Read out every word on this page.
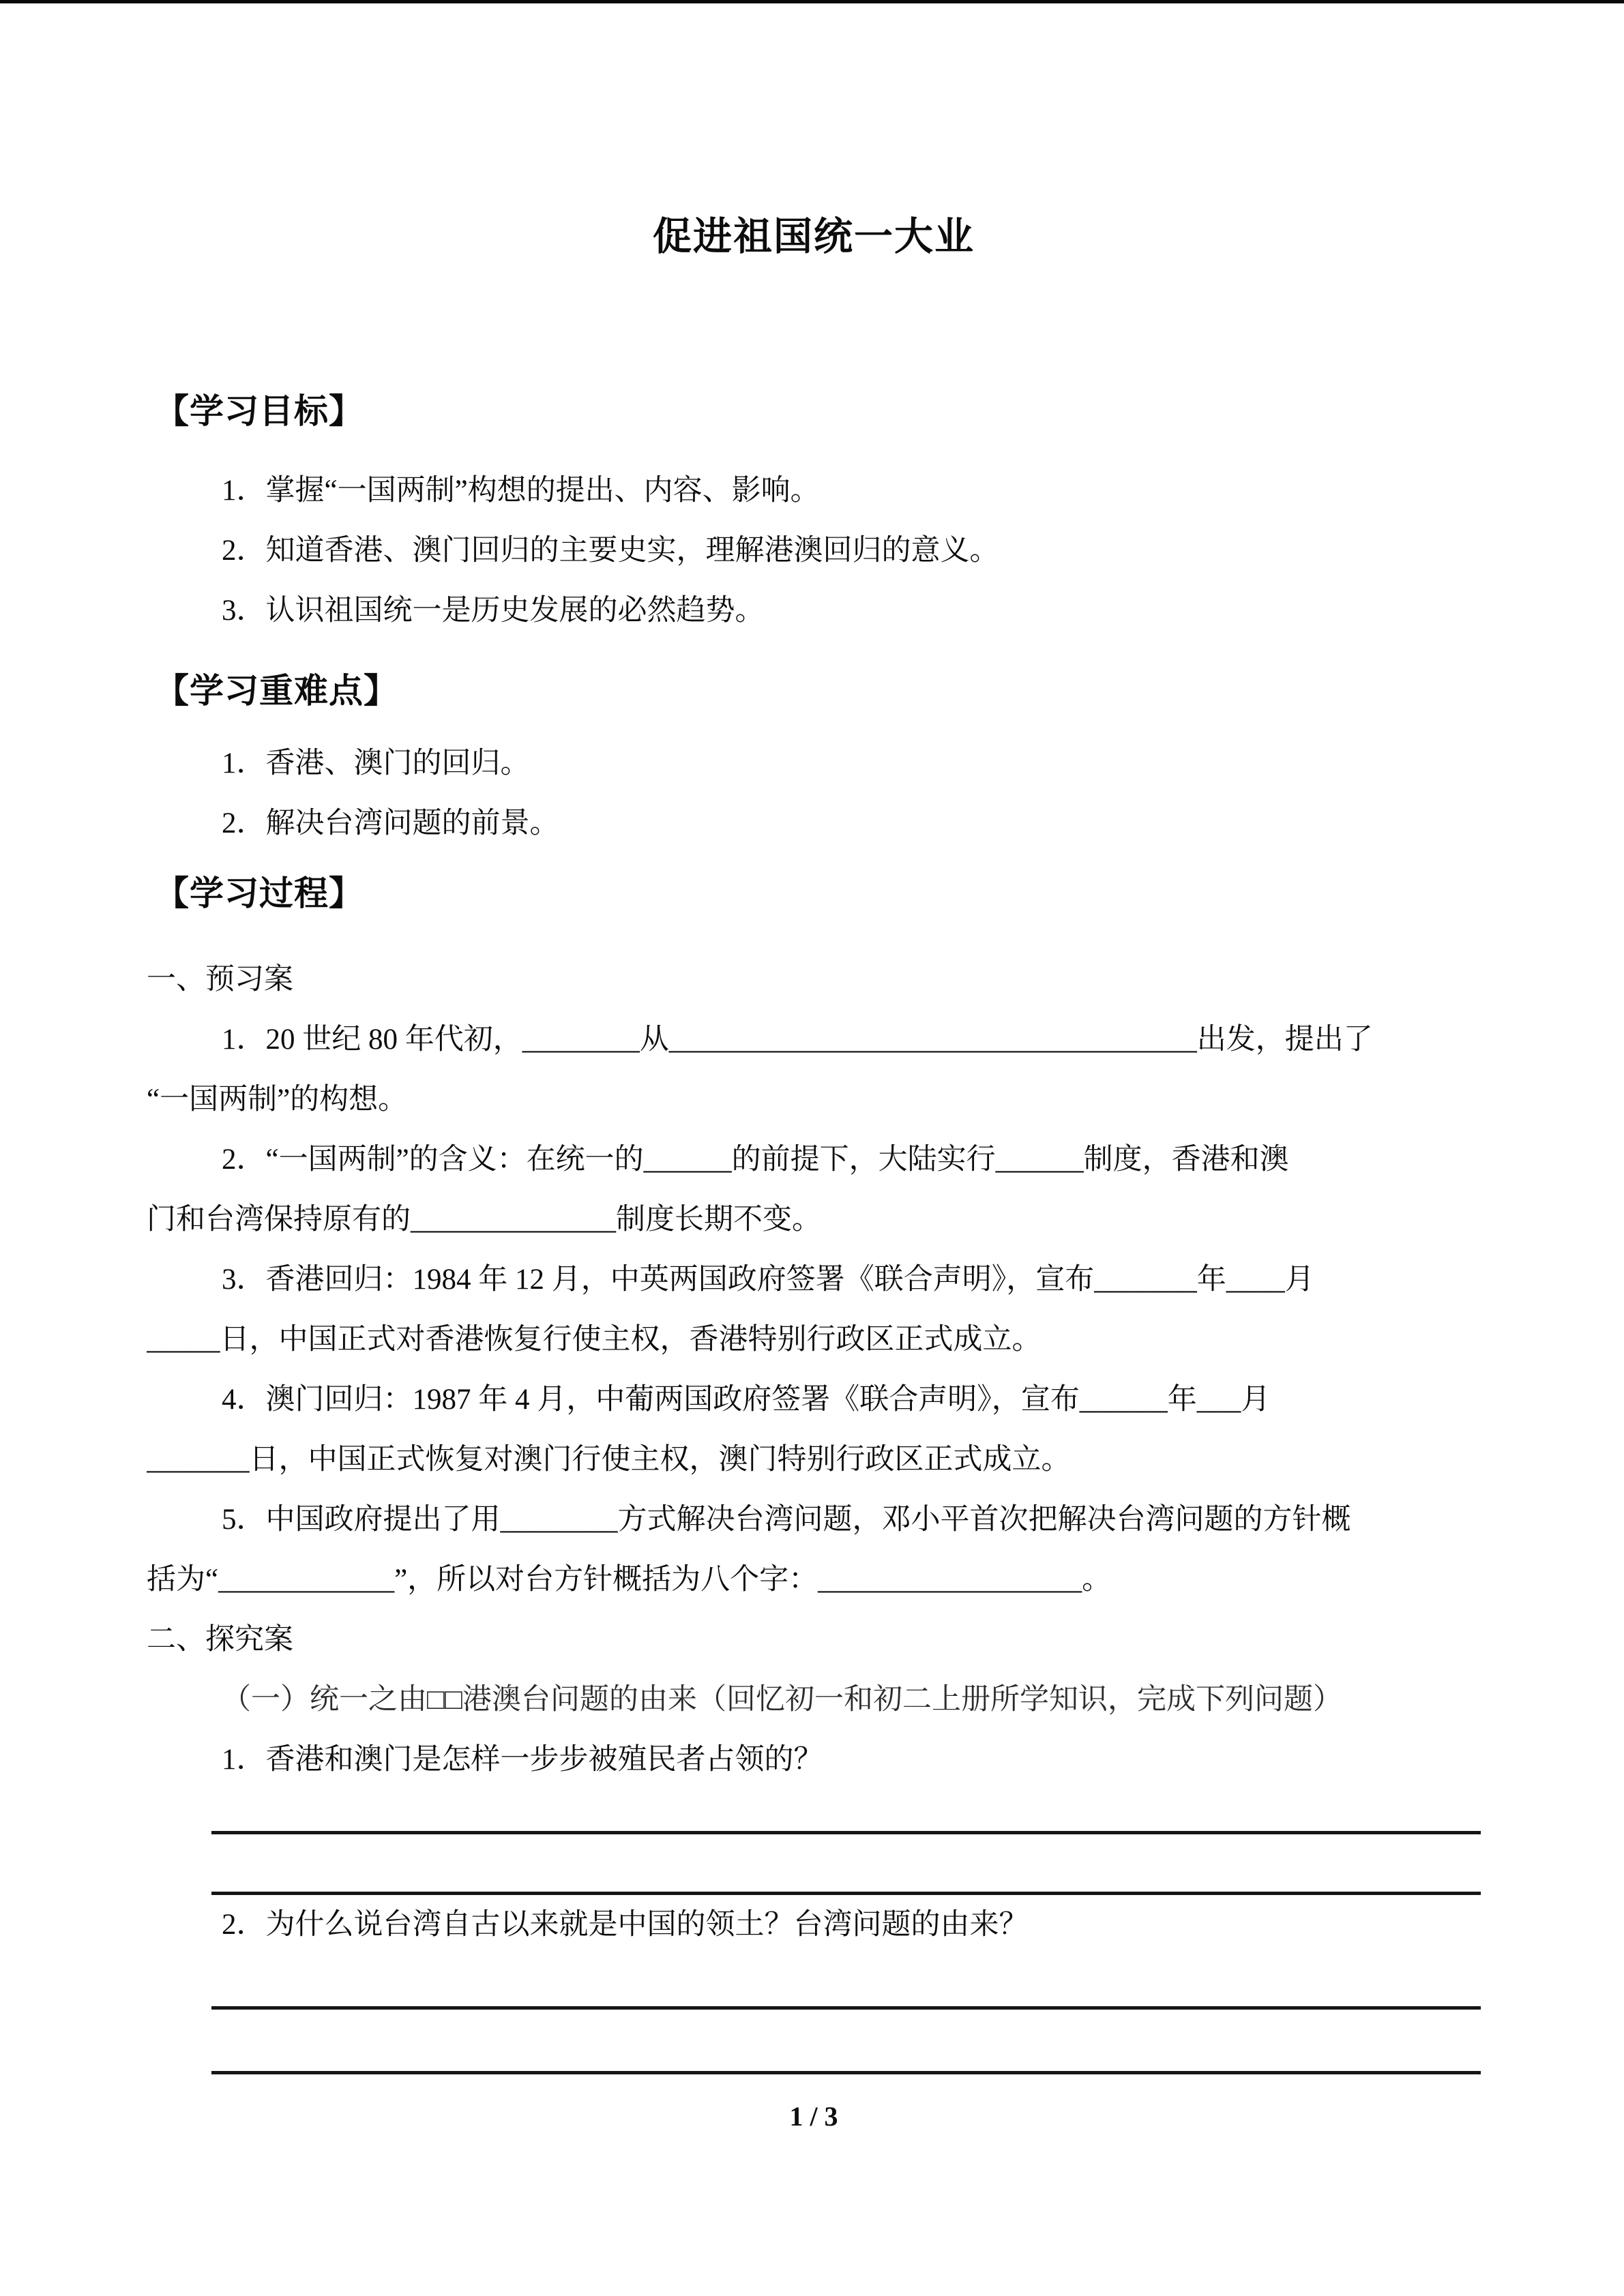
促进祖国统一大业
【学习目标】

1．掌握“一国两制”构想的提出、内容、影响。

2．知道香港、澳门回归的主要史实，理解港澳回归的意义。

3．认识祖国统一是历史发展的必然趋势。

【学习重难点】

1．香港、澳门的回归。

2．解决台湾问题的前景。

【学习过程】

一、预习案

1．20 世纪 80 年代初，________从____________________________________出发，提出了

“一国两制”的构想。

2．“一国两制”的含义：在统一的______的前提下，大陆实行______制度，香港和澳

门和台湾保持原有的______________制度长期不变。

3．香港回归：1984 年 12 月，中英两国政府签署《联合声明》，宣布_______年____月

_____日，中国正式对香港恢复行使主权，香港特别行政区正式成立。

4．澳门回归：1987 年 4 月，中葡两国政府签署《联合声明》，宣布______年___月

_______日，中国正式恢复对澳门行使主权，澳门特别行政区正式成立。

5．中国政府提出了用________方式解决台湾问题，邓小平首次把解决台湾问题的方针概

括为“____________”，所以对台方针概括为八个字：__________________。

二、探究案

（一）统一之由□□港澳台问题的由来（回忆初一和初二上册所学知识，完成下列问题）

1．香港和澳门是怎样一步步被殖民者占领的？

2．为什么说台湾自古以来就是中国的领土？台湾问题的由来？

1 / 3
